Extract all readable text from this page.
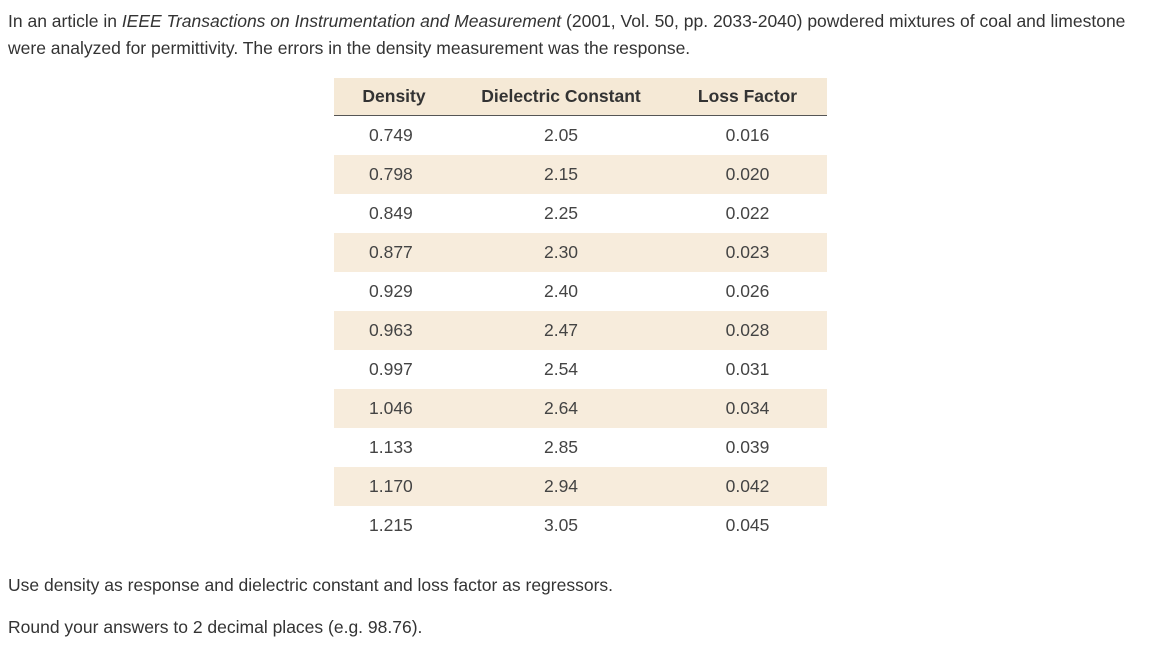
In an article in IEEE Transactions on Instrumentation and Measurement (2001, Vol. 50, pp. 2033-2040) powdered mixtures of coal and limestone were analyzed for permittivity. The errors in the density measurement was the response.

Density	Dielectric Constant	Loss Factor
0.749	2.05	0.016
0.798	2.15	0.020
0.849	2.25	0.022
0.877	2.30	0.023
0.929	2.40	0.026
0.963	2.47	0.028
0.997	2.54	0.031
1.046	2.64	0.034
1.133	2.85	0.039
1.170	2.94	0.042
1.215	3.05	0.045

Use density as response and dielectric constant and loss factor as regressors.

Round your answers to 2 decimal places (e.g. 98.76).
